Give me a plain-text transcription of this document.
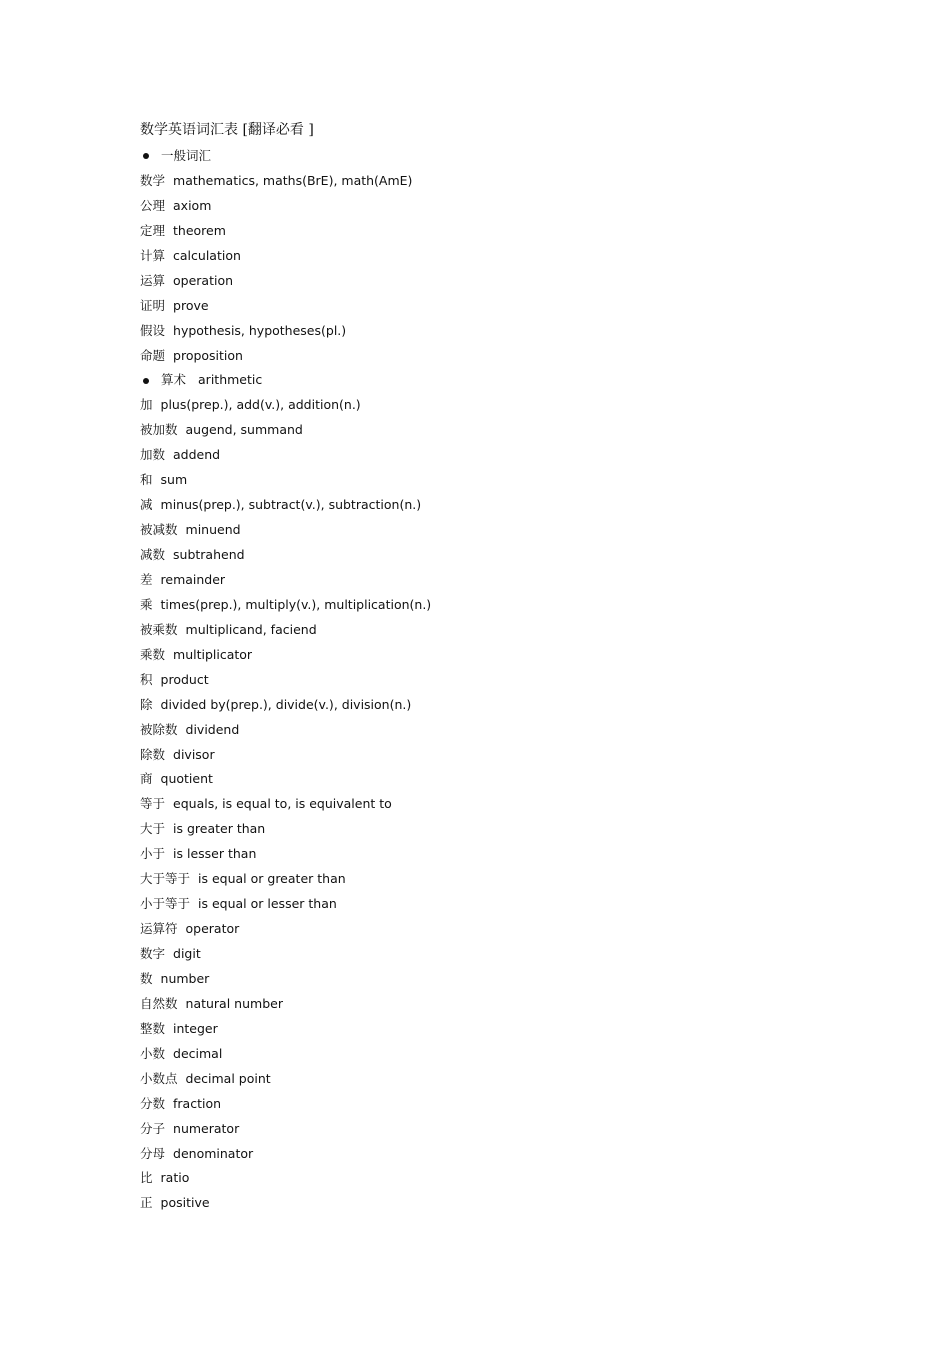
数学英语词汇表 [翻译必看 ]
一般词汇
数学 mathematics, maths(BrE), math(AmE)
公理 axiom
定理 theorem
计算 calculation
运算 operation
证明 prove
假设 hypothesis, hypotheses(pl.)
命题 proposition
算术 arithmetic
加 plus(prep.), add(v.), addition(n.)
被加数 augend, summand
加数 addend
和 sum
减 minus(prep.), subtract(v.), subtraction(n.)
被减数 minuend
减数 subtrahend
差 remainder
乘 times(prep.), multiply(v.), multiplication(n.)
被乘数 multiplicand, faciend
乘数 multiplicator
积 product
除 divided by(prep.), divide(v.), division(n.)
被除数 dividend
除数 divisor
商 quotient
等于 equals, is equal to, is equivalent to
大于 is greater than
小于 is lesser than
大于等于 is equal or greater than
小于等于 is equal or lesser than
运算符 operator
数字 digit
数 number
自然数 natural number
整数 integer
小数 decimal
小数点 decimal point
分数 fraction
分子 numerator
分母 denominator
比 ratio
正 positive
